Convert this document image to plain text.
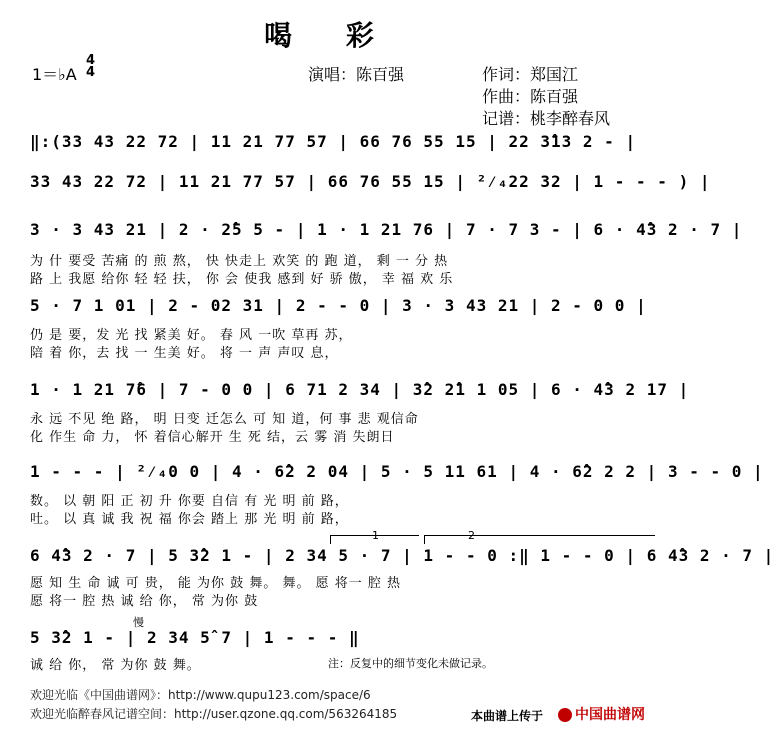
喝 彩
1＝♭A
4
4	演唱：陈百强	作词：郑国江
作曲：陈百强
记谱：桃李醉春风
‖:(33 43 22 72 | 11 21 77 57 | 66 76 55 15 | 22 3̂13 2 - |
33 43 22 72 | 11 21 77 57 | 66 76 55 15 | ²⁄₄22 32 | 1 - - - ) |
3 · 3 43 21 | 2 · 2̂5 5 - | 1 · 1 21 76 | 7 · 7 3 - | 6 · 4̂3 2 · 7 |
为 什 要受 苦痛 的 煎 熬， 快 快走上 欢笑 的 跑 道， 剩 一 分 热
路 上 我愿 给你 轻 轻 扶， 你 会 使我 感到 好 骄 傲， 幸 福 欢 乐
5 · 7 1 01 | 2 - 02 31 | 2 - - 0 | 3 · 3 43 21 | 2 - 0 0 |
仍 是 要，发 光 找 紧美 好。 春 风 一吹 草再 苏，
陪 着 你，去 找 一 生美 好。 将 一 声 声叹 息，
1 · 1 21 7̂6 | 7 - 0 0 | 6 71 2 34 | 3̂2 2̂1 1 05 | 6 · 4̂3 2 17 |
永 远 不见 绝 路， 明 日变 迁怎么 可 知 道，何 事 悲 观信命
化 作生 命 力， 怀 着信心解开 生 死 结，云 雾 消 失朗日
1 - - - | ²⁄₄0 0 | 4 · 6̂2 2 04 | 5 · 5 11 61 | 4 · 6̂2 2 2 | 3 - - 0 |
数。 以 朝 阳 正 初 升 你要 自信 有 光 明 前 路，
吐。 以 真 诚 我 祝 福 你会 踏上 那 光 明 前 路，
1	2
6 4̂3 2 · 7 | 5 3̂2 1 - | 2 34 5 · 7 | 1 - - 0 :‖ 1 - - 0 | 6 4̂3 2 · 7 |
愿 知 生 命 诚 可 贵， 能 为你 鼓 舞。 舞。 愿 将一 腔 热
愿 将一 腔 热 诚 给 你， 常 为你 鼓
慢
5 3̂2 1 - | 2 34 5̂ 7 | 1 - - - ‖
诚 给 你， 常 为你 鼓 舞。	注：反复中的细节变化未做记录。
欢迎光临《中国曲谱网》：http://www.qupu123.com/space/6
欢迎光临醉春风记谱空间：http://user.qzone.qq.com/563264185	本曲谱上传于	中国曲谱网
